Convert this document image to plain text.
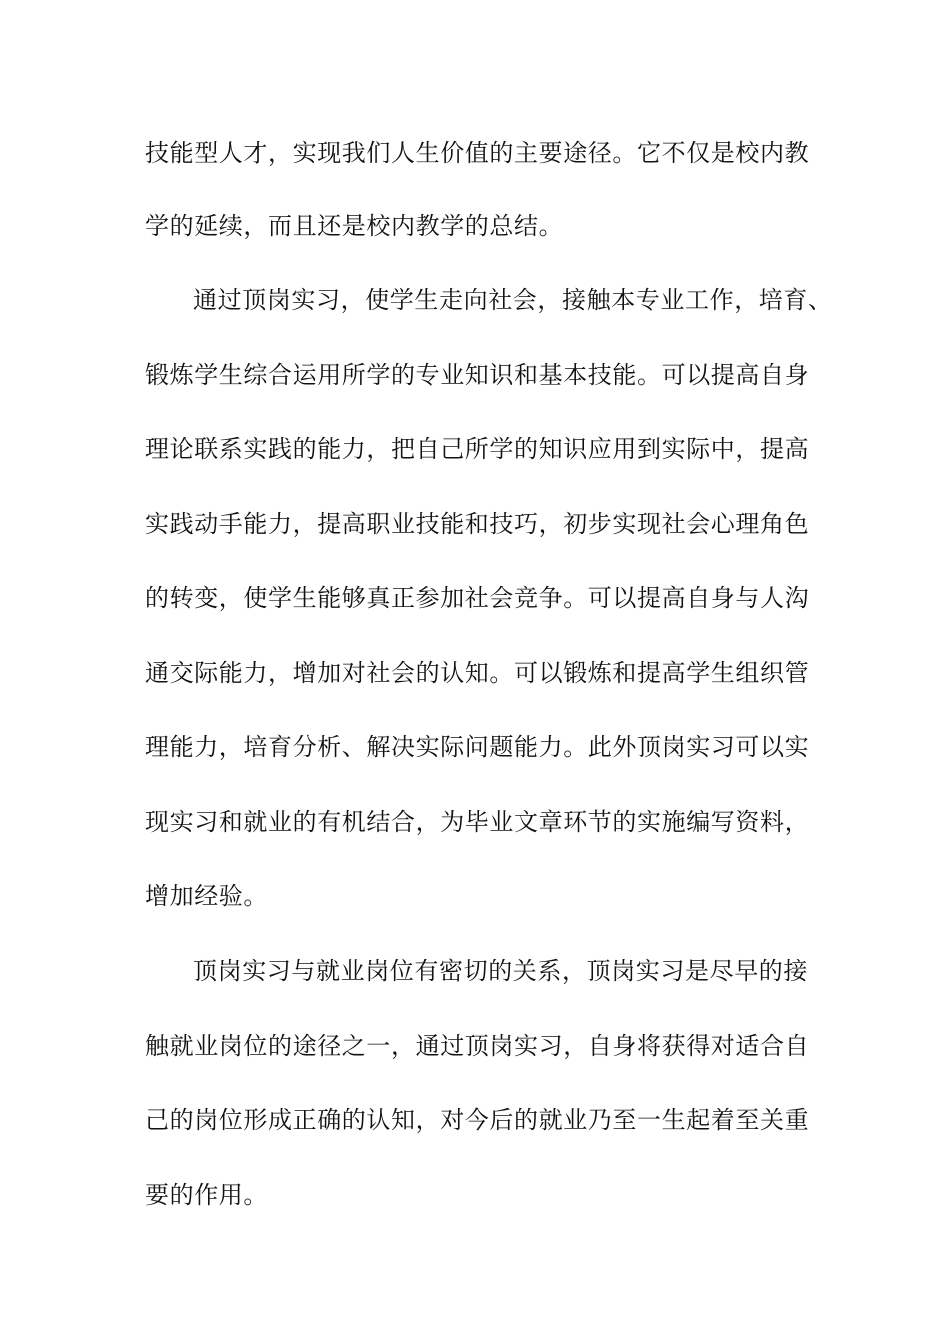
技能型人才，实现我们人生价值的主要途径。它不仅是校内教
学的延续，而且还是校内教学的总结。
通过顶岗实习，使学生走向社会，接触本专业工作，培育、
锻炼学生综合运用所学的专业知识和基本技能。可以提高自身
理论联系实践的能力，把自己所学的知识应用到实际中，提高
实践动手能力，提高职业技能和技巧，初步实现社会心理角色
的转变，使学生能够真正参加社会竞争。可以提高自身与人沟
通交际能力，增加对社会的认知。可以锻炼和提高学生组织管
理能力，培育分析、解决实际问题能力。此外顶岗实习可以实
现实习和就业的有机结合，为毕业文章环节的实施编写资料，
增加经验。
顶岗实习与就业岗位有密切的关系，顶岗实习是尽早的接
触就业岗位的途径之一，通过顶岗实习，自身将获得对适合自
己的岗位形成正确的认知，对今后的就业乃至一生起着至关重
要的作用。
